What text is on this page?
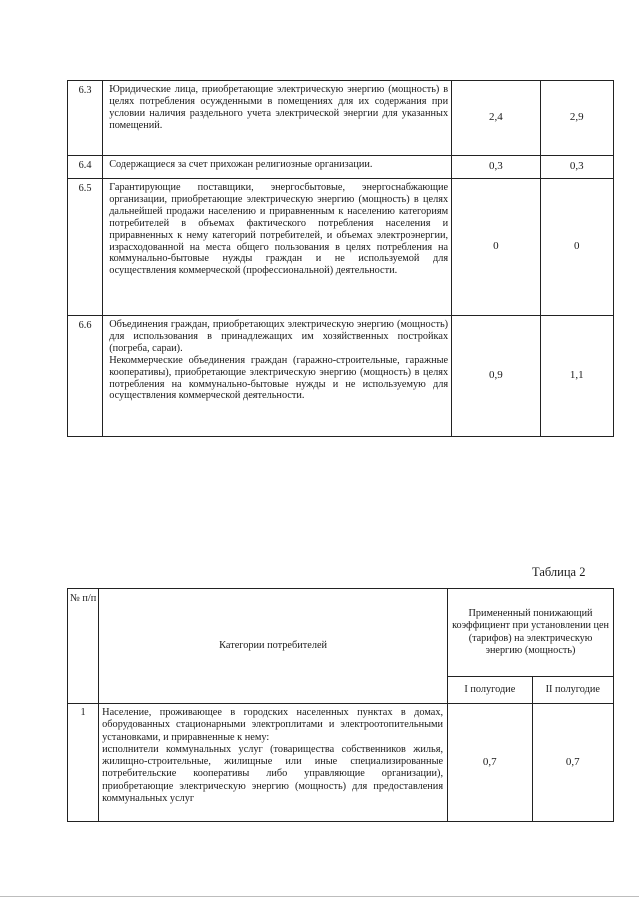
6.3	Юридические лица, приобретающие электрическую энергию (мощность) в целях потребления осужденными в помещениях для их содержания при условии наличия раздельного учета электрической энергии для указанных помещений.	2,4	2,9
6.4	Содержащиеся за счет прихожан религиозные организации.	0,3	0,3
6.5	Гарантирующие поставщики, энергосбытовые, энергоснабжающие организации, приобретающие электрическую энергию (мощность) в целях дальнейшей продажи населению и приравненным к населению категориям потребителей в объемах фактического потребления населения и приравненных к нему категорий потребителей, и объемах электроэнергии, израсходованной на места общего пользования в целях потребления на коммунально-бытовые нужды граждан и не используемой для осуществления коммерческой (профессиональной) деятельности.	0	0
6.6	Объединения граждан, приобретающих электрическую энергию (мощность) для использования в принадлежащих им хозяйственных постройках (погреба, сараи).
Некоммерческие объединения граждан (гаражно-строительные, гаражные кооперативы), приобретающие электрическую энергию (мощность) в целях потребления на коммунально-бытовые нужды и не используемую для осуществления коммерческой деятельности.	0,9	1,1
Таблица 2
№ п/п	Категории потребителей	Примененный понижающий коэффициент при установлении цен (тарифов) на электрическую энергию (мощность)	
		I полугодие	II полугодие
1	Население, проживающее в городских населенных пунктах в домах, оборудованных стационарными электроплитами и электроотопительными установками, и приравненные к нему:
исполнители коммунальных услуг (товарищества собственников жилья, жилищно-строительные, жилищные или иные специализированные потребительские кооперативы либо управляющие организации), приобретающие электрическую энергию (мощность) для предоставления коммунальных услуг	0,7	0,7
